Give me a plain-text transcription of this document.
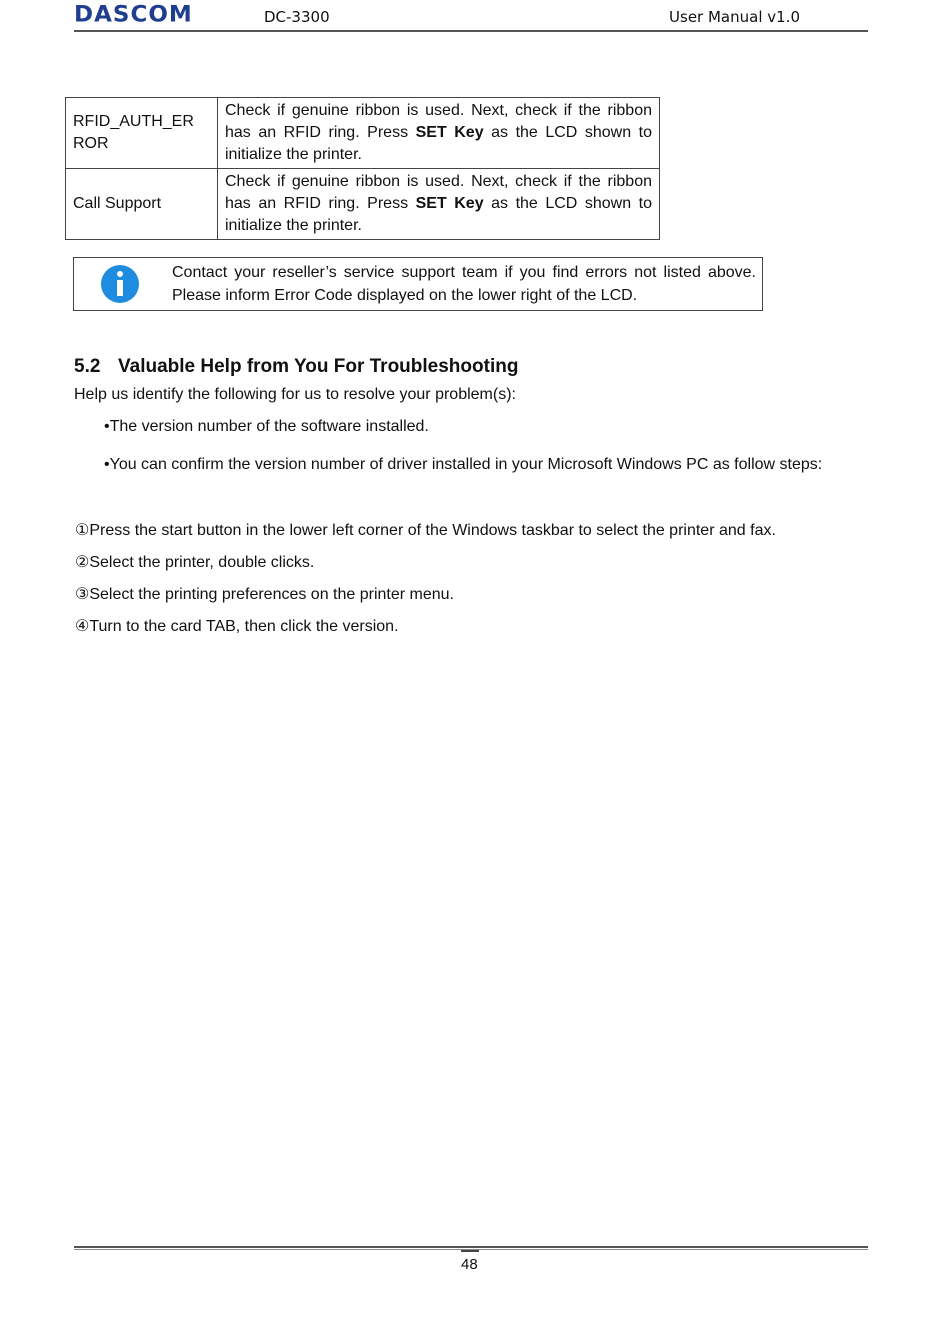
DASCOM	DC-3300	User Manual v1.0
RFID_AUTH_ERROR	Check if genuine ribbon is used. Next, check if the ribbon has an RFID ring. Press SET Key as the LCD shown to initialize the printer.
Call Support	Check if genuine ribbon is used. Next, check if the ribbon has an RFID ring. Press SET Key as the LCD shown to initialize the printer.
Contact your reseller’s service support team if you find errors not listed above. Please inform Error Code displayed on the lower right of the LCD.
5.2 Valuable Help from You For Troubleshooting
Help us identify the following for us to resolve your problem(s):
•The version number of the software installed.
•You can confirm the version number of driver installed in your Microsoft Windows PC as follow steps:
①Press the start button in the lower left corner of the Windows taskbar to select the printer and fax.
②Select the printer, double clicks.
③Select the printing preferences on the printer menu.
④Turn to the card TAB, then click the version.
48
